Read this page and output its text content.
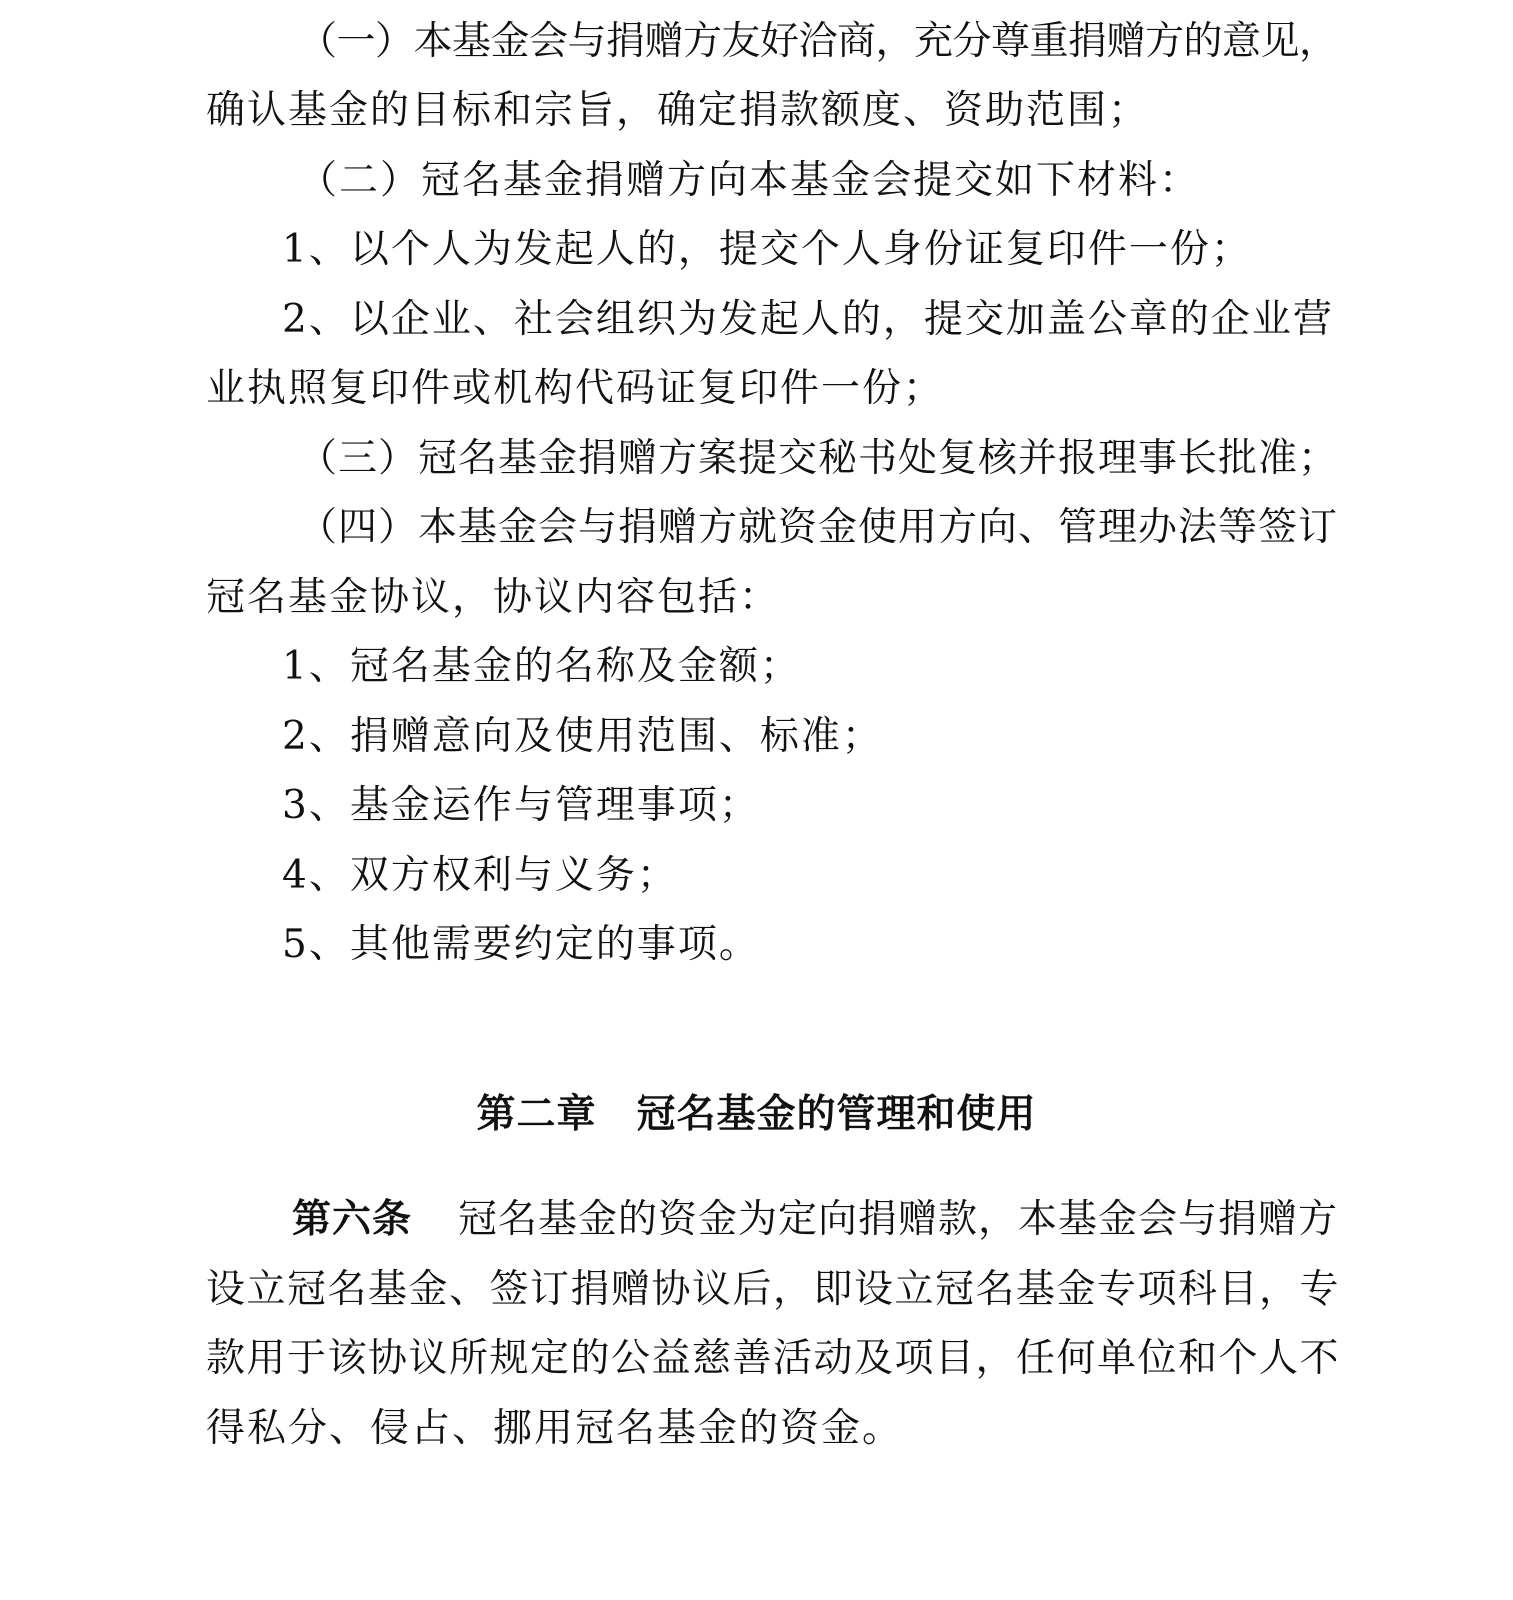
（一）本基金会与捐赠方友好洽商，充分尊重捐赠方的意见，
确认基金的目标和宗旨，确定捐款额度、资助范围；
（二）冠名基金捐赠方向本基金会提交如下材料：
1、以个人为发起人的，提交个人身份证复印件一份；
2、以企业、社会组织为发起人的，提交加盖公章的企业营
业执照复印件或机构代码证复印件一份；
（三）冠名基金捐赠方案提交秘书处复核并报理事长批准；
（四）本基金会与捐赠方就资金使用方向、管理办法等签订
冠名基金协议，协议内容包括：
1、冠名基金的名称及金额；
2、捐赠意向及使用范围、标准；
3、基金运作与管理事项；
4、双方权利与义务；
5、其他需要约定的事项。
第二章　冠名基金的管理和使用
第六条 冠名基金的资金为定向捐赠款，本基金会与捐赠方
设立冠名基金、签订捐赠协议后，即设立冠名基金专项科目，专
款用于该协议所规定的公益慈善活动及项目，任何单位和个人不
得私分、侵占、挪用冠名基金的资金。
